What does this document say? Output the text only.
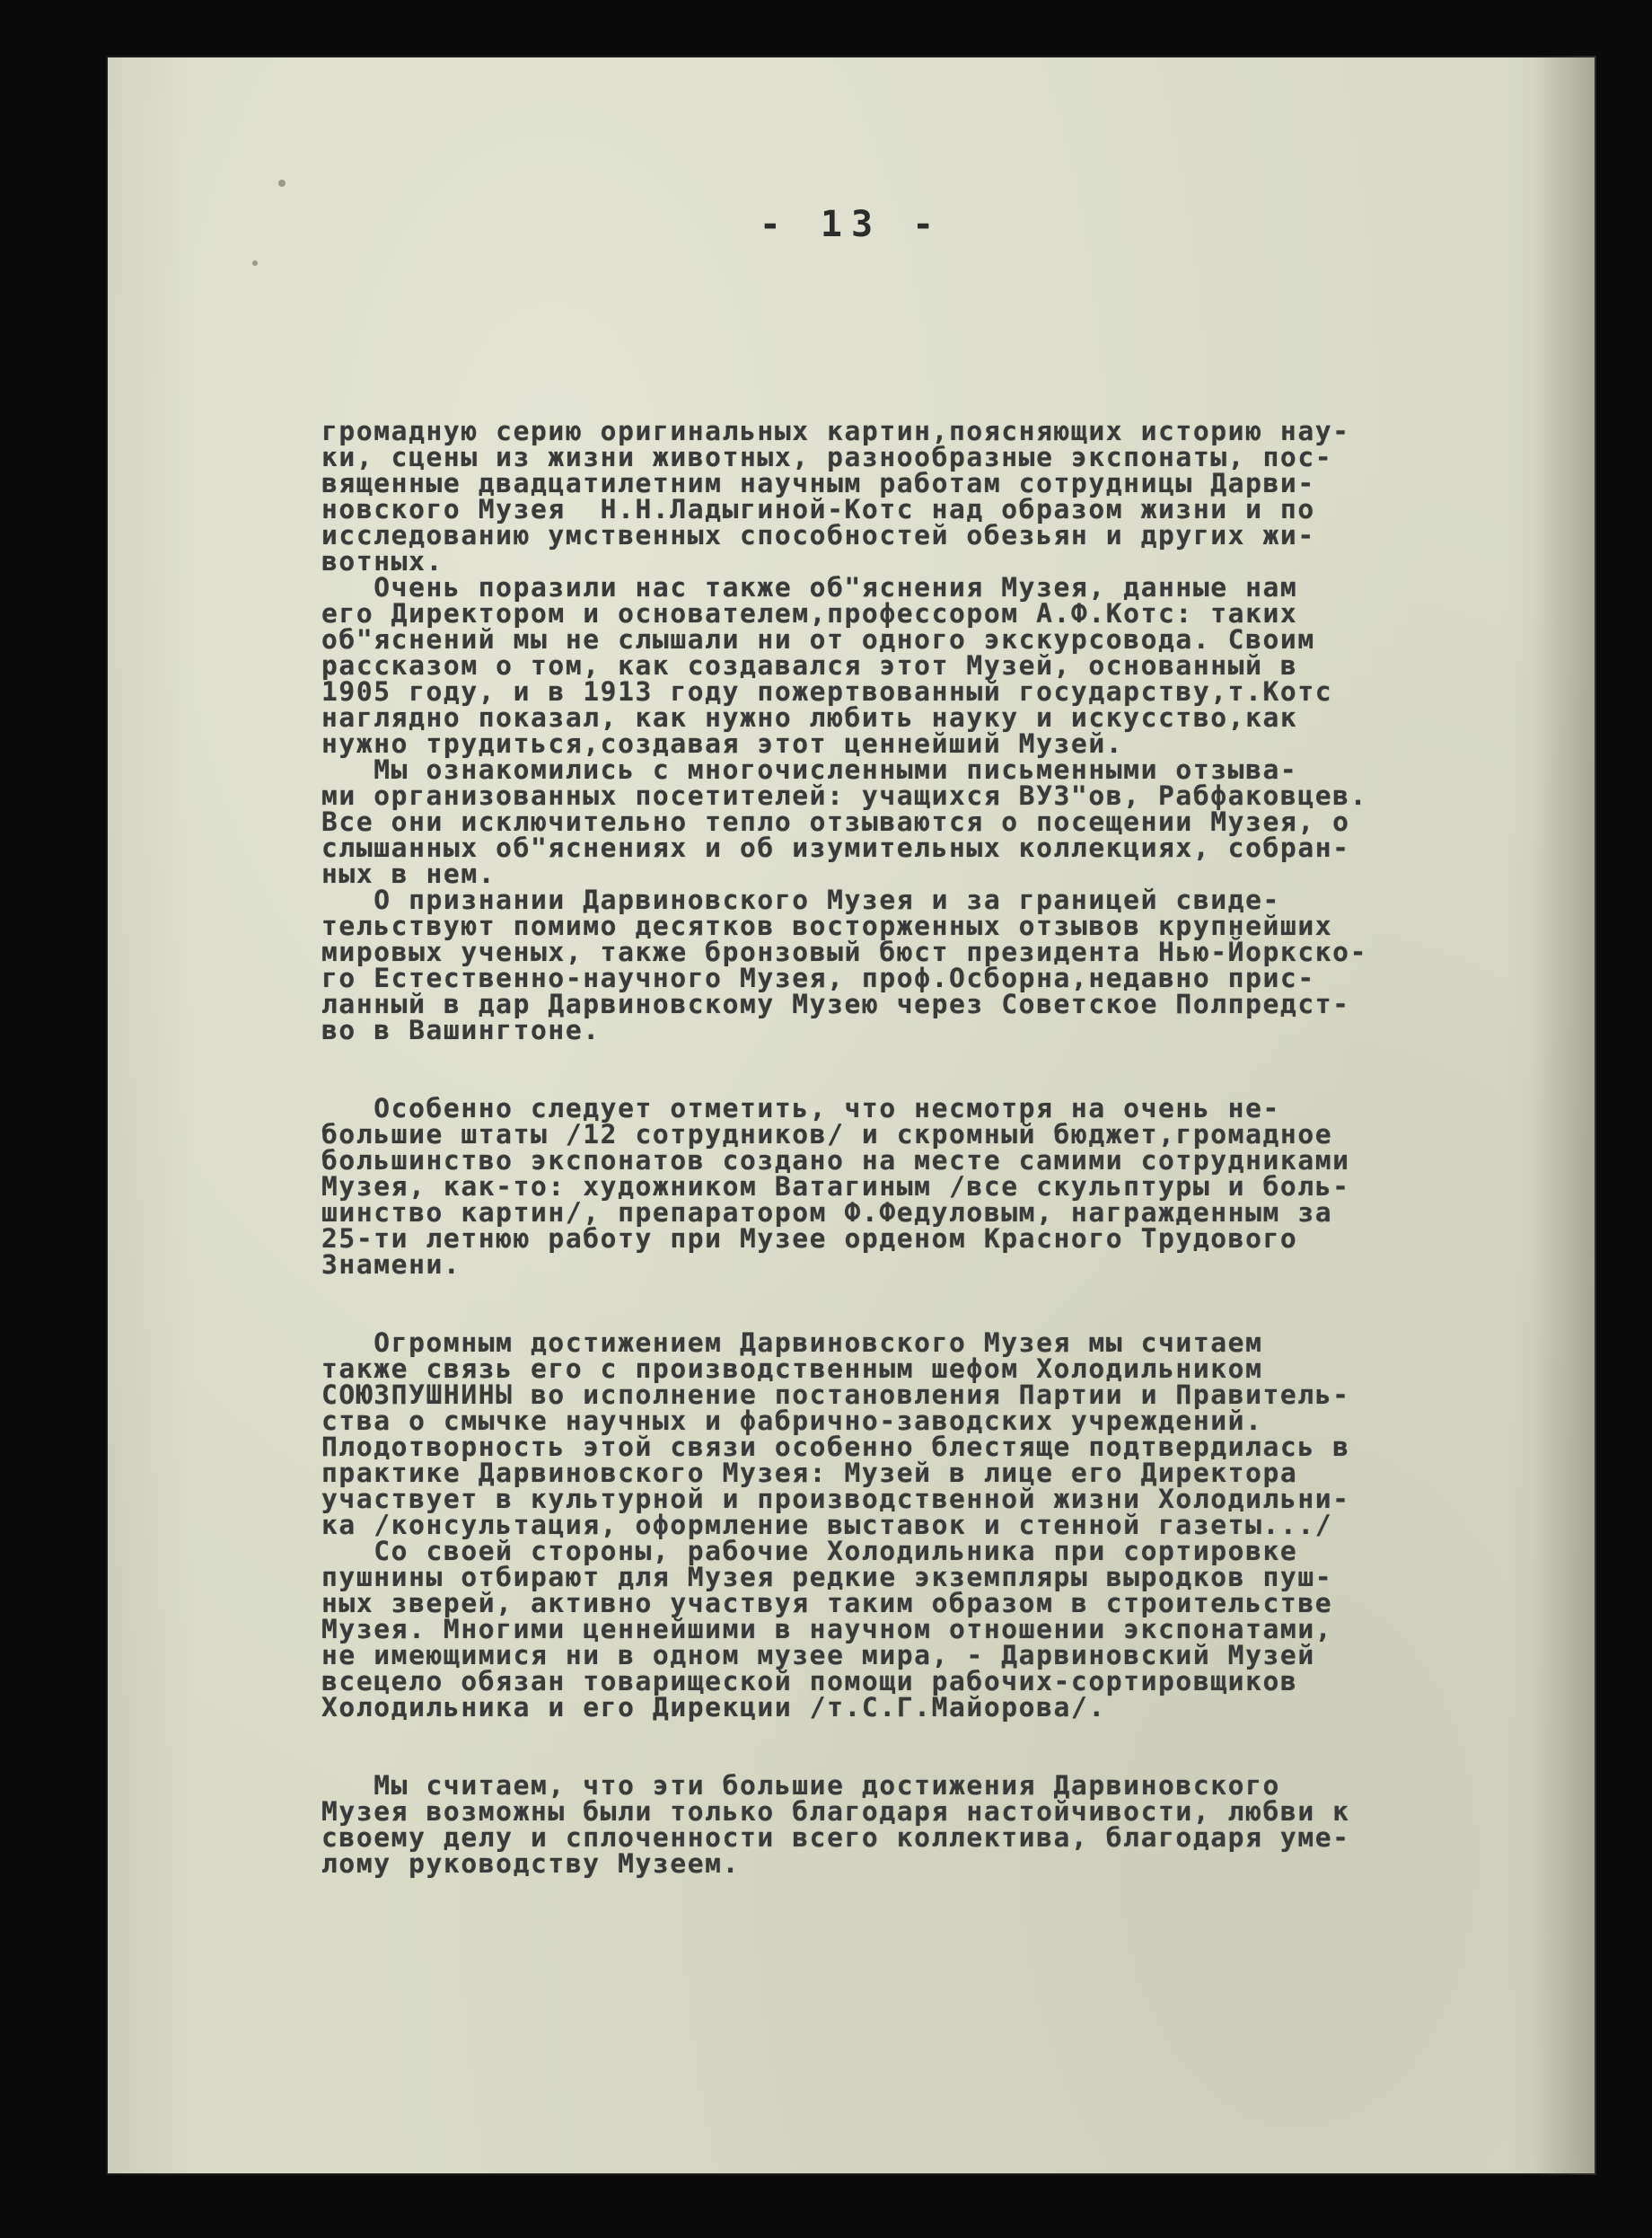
- 13 -
громадную серию оригинальных картин,поясняющих историю нау-
ки, сцены из жизни животных, разнообразные экспонаты, пос-
вященные двадцатилетним научным работам сотрудницы Дарви-
новского Музея  Н.Н.Ладыгиной-Котс над образом жизни и по
исследованию умственных способностей обезьян и других жи-
вотных.
Очень поразили нас также об"яснения Музея, данные нам
его Директором и основателем,профессором А.Ф.Котс: таких
об"яснений мы не слышали ни от одного экскурсовода. Своим
рассказом о том, как создавался этот Музей, основанный в
1905 году, и в 1913 году пожертвованный государству,т.Котс
наглядно показал, как нужно любить науку и искусство,как
нужно трудиться,создавая этот ценнейший Музей.
Мы ознакомились с многочисленными письменными отзыва-
ми организованных посетителей: учащихся ВУЗ"ов, Рабфаковцев.
Все они исключительно тепло отзываются о посещении Музея, о
слышанных об"яснениях и об изумительных коллекциях, собран-
ных в нем.
О признании Дарвиновского Музея и за границей свиде-
тельствуют помимо десятков восторженных отзывов крупнейших
мировых ученых, также бронзовый бюст президента Нью-Йоркско-
го Естественно-научного Музея, проф.Осборна,недавно прис-
ланный в дар Дарвиновскому Музею через Советское Полпредст-
во в Вашингтоне.
Особенно следует отметить, что несмотря на очень не-
большие штаты /12 сотрудников/ и скромный бюджет,громадное
большинство экспонатов создано на месте самими сотрудниками
Музея, как-то: художником Ватагиным /все скульптуры и боль-
шинство картин/, препаратором Ф.Федуловым, награжденным за
25-ти летнюю работу при Музее орденом Красного Трудового
Знамени.
Огромным достижением Дарвиновского Музея мы считаем
также связь его с производственным шефом Холодильником
СОЮЗПУШНИНЫ во исполнение постановления Партии и Правитель-
ства о смычке научных и фабрично-заводских учреждений.
Плодотворность этой связи особенно блестяще подтвердилась в
практике Дарвиновского Музея: Музей в лице его Директора
участвует в культурной и производственной жизни Холодильни-
ка /консультация, оформление выставок и стенной газеты.../
Со своей стороны, рабочие Холодильника при сортировке
пушнины отбирают для Музея редкие экземпляры выродков пуш-
ных зверей, активно участвуя таким образом в строительстве
Музея. Многими ценнейшими в научном отношении экспонатами,
не имеющимися ни в одном музее мира, - Дарвиновский Музей
всецело обязан товарищеской помощи рабочих-сортировщиков
Холодильника и его Дирекции /т.С.Г.Майорова/.
Мы считаем, что эти большие достижения Дарвиновского
Музея возможны были только благодаря настойчивости, любви к
своему делу и сплоченности всего коллектива, благодаря уме-
лому руководству Музеем.
